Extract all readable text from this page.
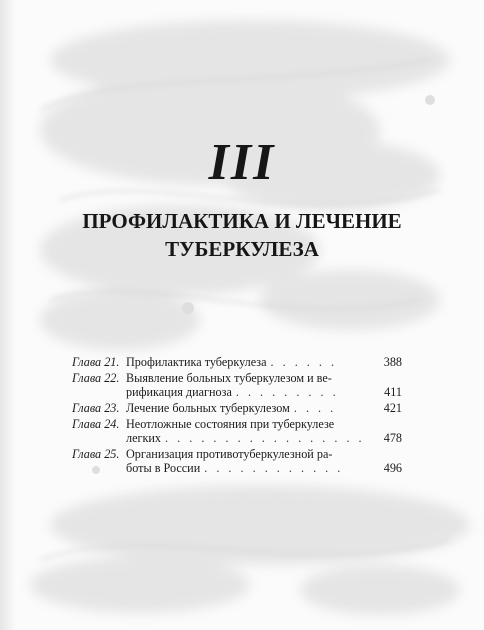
III
ПРОФИЛАКТИКА И ЛЕЧЕНИЕ
ТУБЕРКУЛЕЗА
Глава 21. Профилактика туберкулеза . . . . . .	388
Глава 22. Выявление больных туберкулезом и ве-
рификация диагноза . . . . . . . . .	411
Глава 23. Лечение больных туберкулезом . . . .	421
Глава 24. Неотложные состояния при туберкулезе
легких . . . . . . . . . . . . . . . . .	478
Глава 25. Организация противотуберкулезной ра-
боты в России . . . . . . . . . . . .	496
